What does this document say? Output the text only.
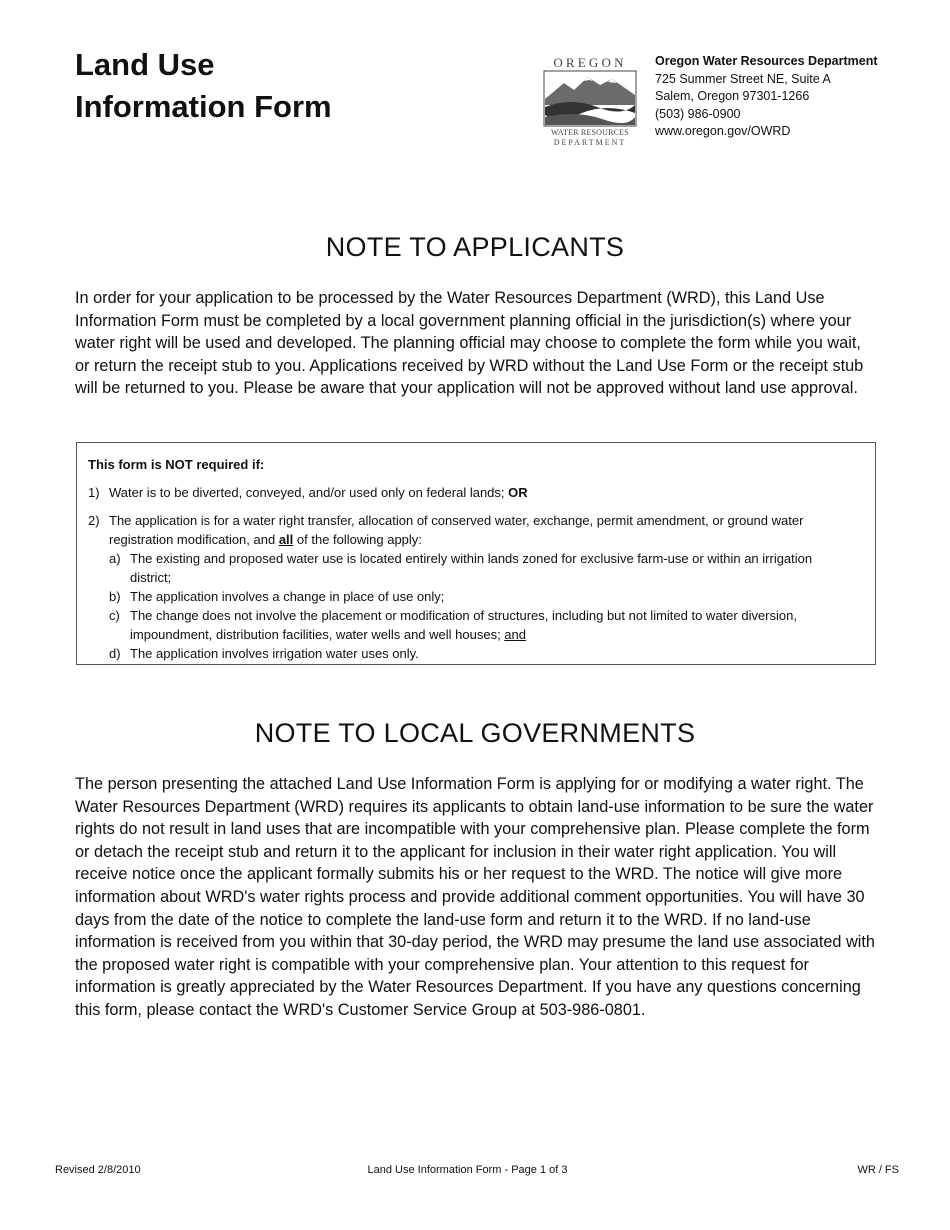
Land Use
Information Form
OREGON
WATER RESOURCES
DEPARTMENT
Oregon Water Resources Department
725 Summer Street NE, Suite A
Salem, Oregon 97301-1266
(503) 986-0900
www.oregon.gov/OWRD
NOTE TO APPLICANTS

In order for your application to be processed by the Water Resources Department (WRD), this Land Use Information Form must be completed by a local government planning official in the jurisdiction(s) where your water right will be used and developed. The planning official may choose to complete the form while you wait, or return the receipt stub to you. Applications received by WRD without the Land Use Form or the receipt stub will be returned to you. Please be aware that your application will not be approved without land use approval.

This form is NOT required if:
1) Water is to be diverted, conveyed, and/or used only on federal lands; OR
2) The application is for a water right transfer, allocation of conserved water, exchange, permit amendment, or ground water registration modification, and all of the following apply:
a) The existing and proposed water use is located entirely within lands zoned for exclusive farm-use or within an irrigation district;
b) The application involves a change in place of use only;
c) The change does not involve the placement or modification of structures, including but not limited to water diversion, impoundment, distribution facilities, water wells and well houses; and
d) The application involves irrigation water uses only.
NOTE TO LOCAL GOVERNMENTS

The person presenting the attached Land Use Information Form is applying for or modifying a water right. The Water Resources Department (WRD) requires its applicants to obtain land-use information to be sure the water rights do not result in land uses that are incompatible with your comprehensive plan. Please complete the form or detach the receipt stub and return it to the applicant for inclusion in their water right application. You will receive notice once the applicant formally submits his or her request to the WRD. The notice will give more information about WRD's water rights process and provide additional comment opportunities. You will have 30 days from the date of the notice to complete the land-use form and return it to the WRD. If no land-use information is received from you within that 30-day period, the WRD may presume the land use associated with the proposed water right is compatible with your comprehensive plan. Your attention to this request for information is greatly appreciated by the Water Resources Department. If you have any questions concerning this form, please contact the WRD's Customer Service Group at 503-986-0801.

Revised 2/8/2010	Land Use Information Form - Page 1 of 3	WR / FS
